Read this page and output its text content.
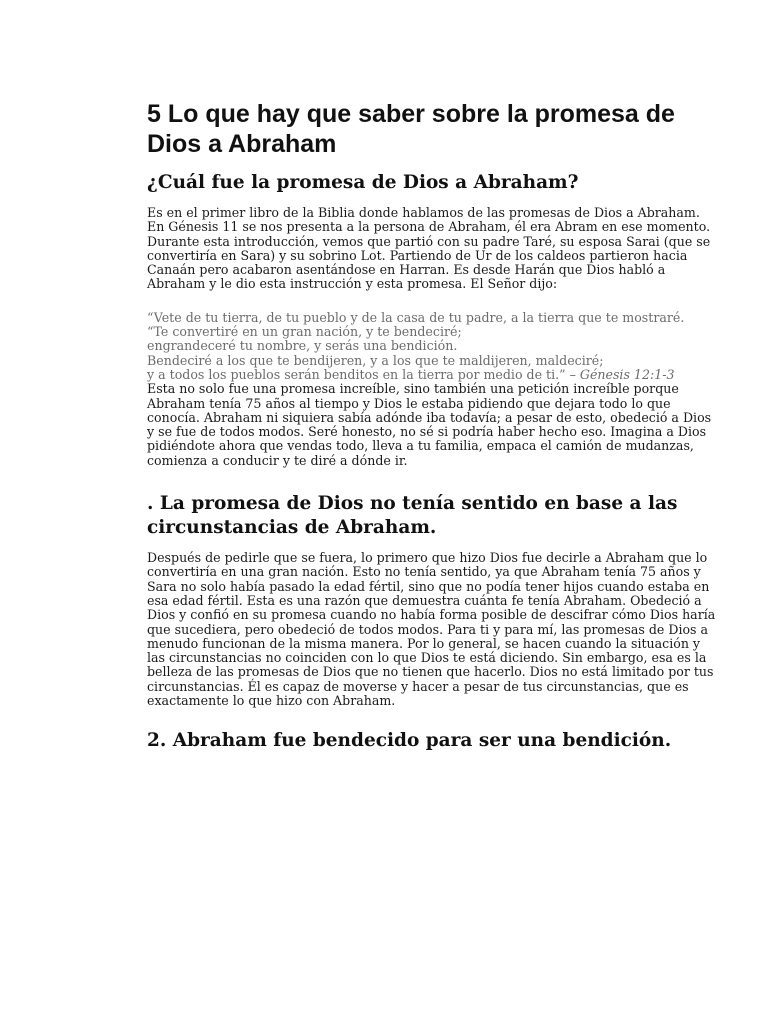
5 Lo que hay que saber sobre la promesa de Dios a Abraham
¿Cuál fue la promesa de Dios a Abraham?

Es en el primer libro de la Biblia donde hablamos de las promesas de Dios a Abraham. En Génesis 11 se nos presenta a la persona de Abraham, él era Abram en ese momento. Durante esta introducción, vemos que partió con su padre Taré, su esposa Sarai (que se convertiría en Sara) y su sobrino Lot. Partiendo de Ur de los caldeos partieron hacia Canaán pero acabaron asentándose en Harran. Es desde Harán que Dios habló a Abraham y le dio esta instrucción y esta promesa. El Señor dijo:

“Vete de tu tierra, de tu pueblo y de la casa de tu padre, a la tierra que te mostraré.

“Te convertiré en un gran nación, y te bendeciré;

engrandeceré tu nombre, y serás una bendición.

Bendeciré a los que te bendijeren, y a los que te maldijeren, maldeciré;

y a todos los pueblos serán benditos en la tierra por medio de ti.” – Génesis 12:1-3

Esta no solo fue una promesa increíble, sino también una petición increíble porque Abraham tenía 75 años al tiempo y Dios le estaba pidiendo que dejara todo lo que conocía. Abraham ni siquiera sabía adónde iba todavía; a pesar de esto, obedeció a Dios y se fue de todos modos. Seré honesto, no sé si podría haber hecho eso. Imagina a Dios pidiéndote ahora que vendas todo, lleva a tu familia, empaca el camión de mudanzas, comienza a conducir y te diré a dónde ir.

. La promesa de Dios no tenía sentido en base a las circunstancias de Abraham.

Después de pedirle que se fuera, lo primero que hizo Dios fue decirle a Abraham que lo convertiría en una gran nación. Esto no tenía sentido, ya que Abraham tenía 75 años y Sara no solo había pasado la edad fértil, sino que no podía tener hijos cuando estaba en esa edad fértil. Esta es una razón que demuestra cuánta fe tenía Abraham. Obedeció a Dios y confió en su promesa cuando no había forma posible de descifrar cómo Dios haría que sucediera, pero obedeció de todos modos. Para ti y para mí, las promesas de Dios a menudo funcionan de la misma manera. Por lo general, se hacen cuando la situación y las circunstancias no coinciden con lo que Dios te está diciendo. Sin embargo, esa es la belleza de las promesas de Dios que no tienen que hacerlo. Dios no está limitado por tus circunstancias. Él es capaz de moverse y hacer a pesar de tus circunstancias, que es exactamente lo que hizo con Abraham.

2. Abraham fue bendecido para ser una bendición.
